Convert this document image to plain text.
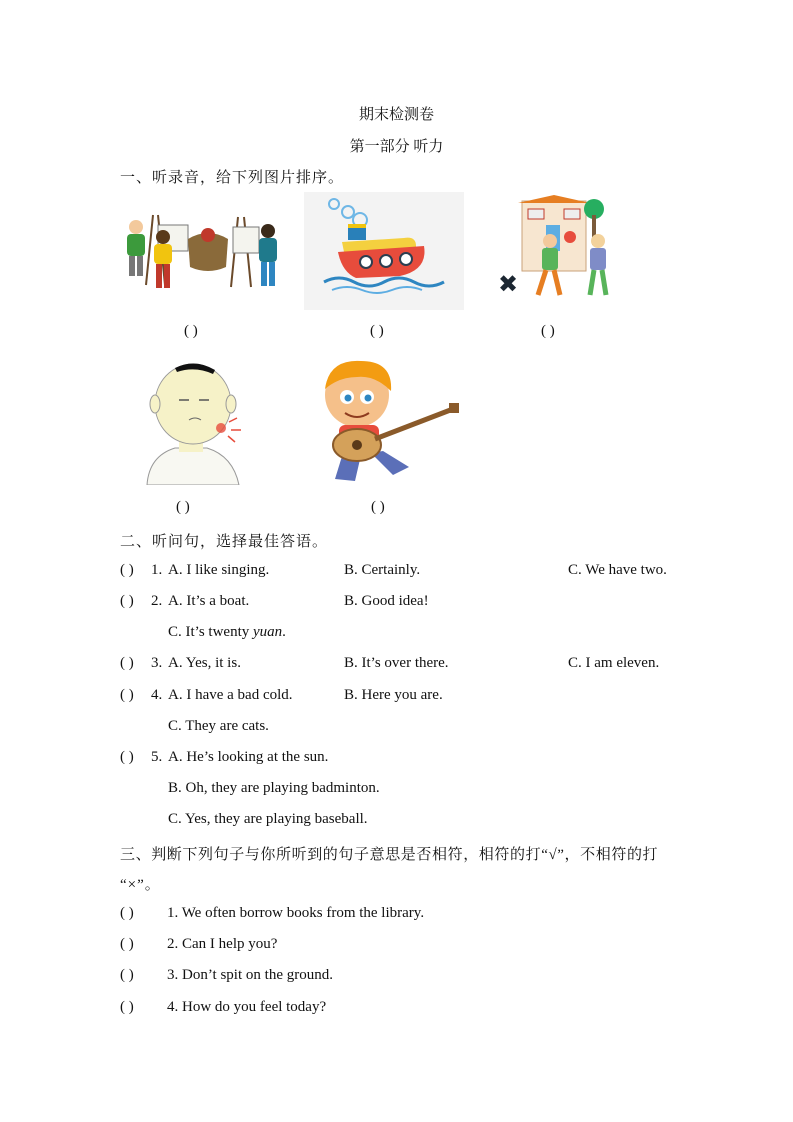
期末检测卷
第一部分 听力
一、听录音，给下列图片排序。
✖
( )	( )	( )
( )	( )
二、听问句，选择最佳答语。
( ) 1. A. I like singing.	B. Certainly.	C. We have two.
( ) 2. A. It’s a boat.	B. Good idea!
C. It’s twenty yuan.
( ) 3. A. Yes, it is.	B. It’s over there.	C. I am eleven.
( ) 4. A. I have a bad cold.	B. Here you are.
C. They are cats.
( ) 5. A. He’s looking at the sun.
B. Oh, they are playing badminton.
C. Yes, they are playing baseball.
三、判断下列句子与你所听到的句子意思是否相符，相符的打“√”，不相符的打
“×”。
( ) 1. We often borrow books from the library.
( ) 2. Can I help you?
( ) 3. Don’t spit on the ground.
( ) 4. How do you feel today?
